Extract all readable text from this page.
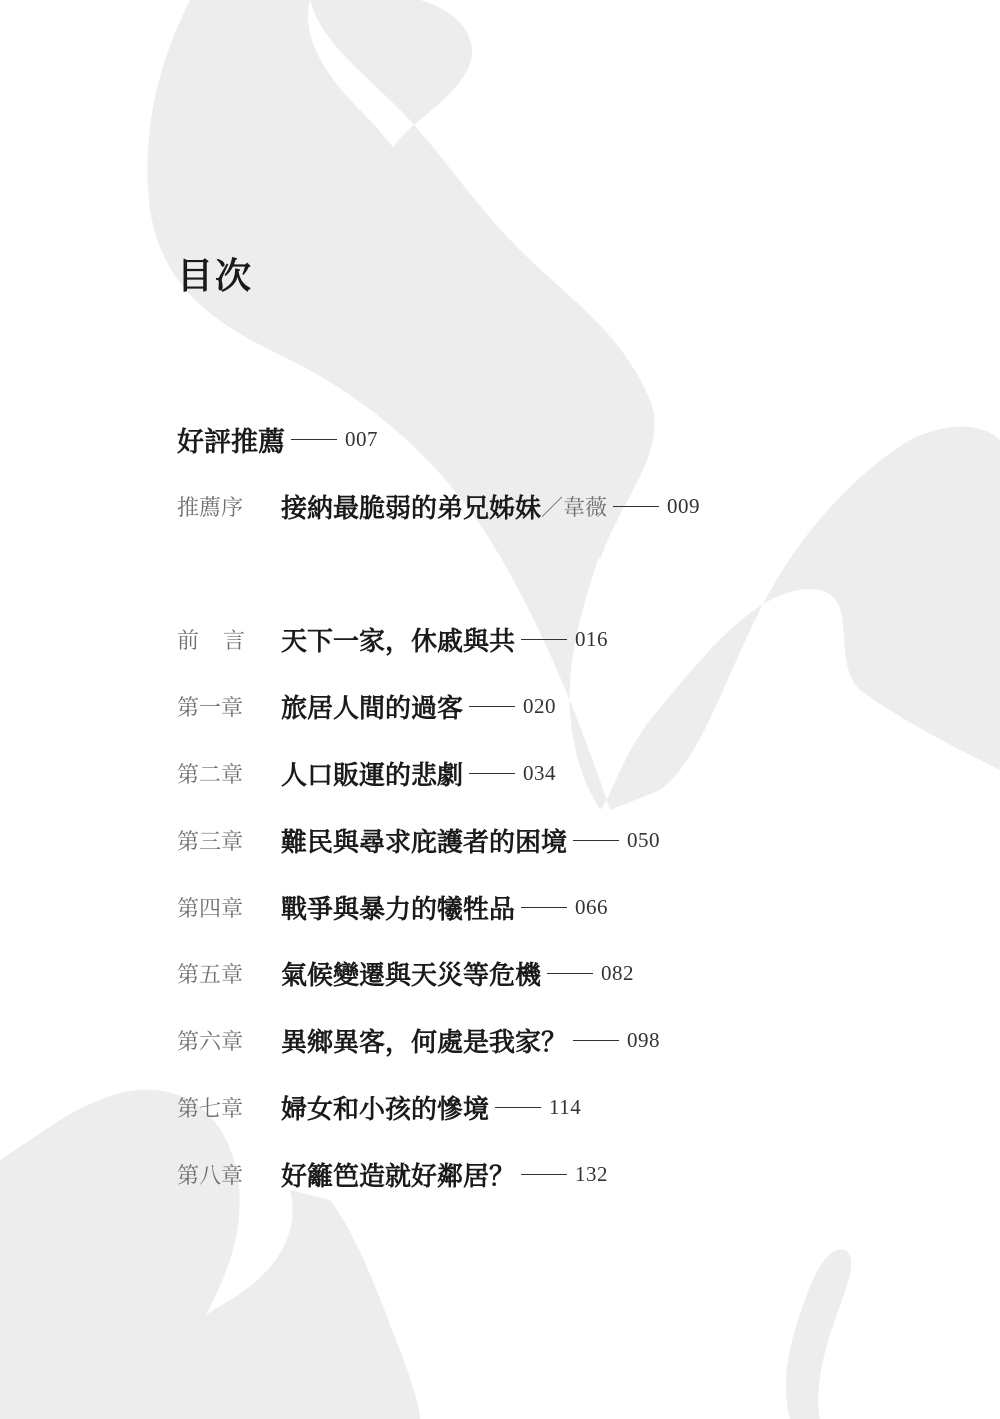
目次
好評推薦	007
推薦序	接納最脆弱的弟兄姊妹 ／韋薇	009
前言 天下一家，休戚與共	016
第一章	旅居人間的過客	020
第二章	人口販運的悲劇	034
第三章	難民與尋求庇護者的困境	050
第四章	戰爭與暴力的犧牲品	066
第五章	氣候變遷與天災等危機	082
第六章	異鄉異客，何處是我家？	098
第七章	婦女和小孩的慘境	114
第八章	好籬笆造就好鄰居？	132
